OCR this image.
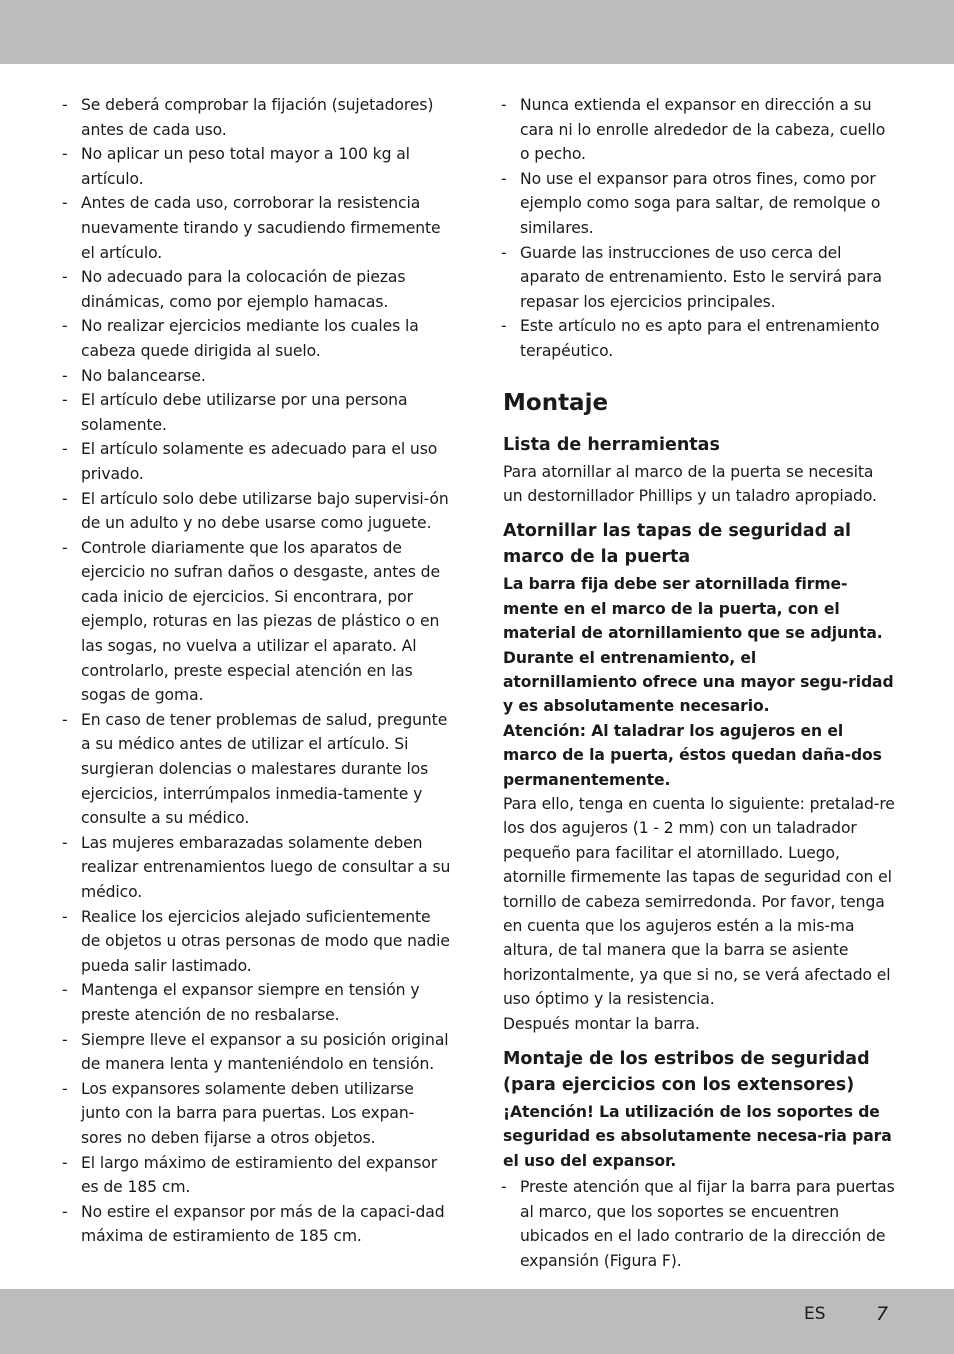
- Se deberá comprobar la fijación (sujetadores) antes de cada uso.
- No aplicar un peso total mayor a 100 kg al artículo.
- Antes de cada uso, corroborar la resistencia nuevamente tirando y sacudiendo firmemente el artículo.
- No adecuado para la colocación de piezas dinámicas, como por ejemplo hamacas.
- No realizar ejercicios mediante los cuales la cabeza quede dirigida al suelo.
- No balancearse.
- El artículo debe utilizarse por una persona solamente.
- El artículo solamente es adecuado para el uso privado.
- El artículo solo debe utilizarse bajo supervisi-ón de un adulto y no debe usarse como juguete.
- Controle diariamente que los aparatos de ejercicio no sufran daños o desgaste, antes de cada inicio de ejercicios. Si encontrara, por ejemplo, roturas en las piezas de plástico o en las sogas, no vuelva a utilizar el aparato. Al controlarlo, preste especial atención en las sogas de goma.
- En caso de tener problemas de salud, pregunte a su médico antes de utilizar el artículo. Si surgieran dolencias o malestares durante los ejercicios, interrúmpalos inmedia-tamente y consulte a su médico.
- Las mujeres embarazadas solamente deben realizar entrenamientos luego de consultar a su médico.
- Realice los ejercicios alejado suficientemente de objetos u otras personas de modo que nadie pueda salir lastimado.
- Mantenga el expansor siempre en tensión y preste atención de no resbalarse.
- Siempre lleve el expansor a su posición original de manera lenta y manteniéndolo en tensión.
- Los expansores solamente deben utilizarse junto con la barra para puertas. Los expan-sores no deben fijarse a otros objetos.
- El largo máximo de estiramiento del expansor es de 185 cm.
- No estire el expansor por más de la capaci-dad máxima de estiramiento de 185 cm.
- Nunca extienda el expansor en dirección a su cara ni lo enrolle alrededor de la cabeza, cuello o pecho.
- No use el expansor para otros fines, como por ejemplo como soga para saltar, de remolque o similares.
- Guarde las instrucciones de uso cerca del aparato de entrenamiento. Esto le servirá para repasar los ejercicios principales.
- Este artículo no es apto para el entrenamiento terapéutico.
Montaje
Lista de herramientas

Para atornillar al marco de la puerta se necesita un destornillador Phillips y un taladro apropiado.

Atornillar las tapas de seguridad al marco de la puerta

La barra fija debe ser atornillada firme-mente en el marco de la puerta, con el material de atornillamiento que se adjunta. Durante el entrenamiento, el atornillamiento ofrece una mayor segu-ridad y es absolutamente necesario.

Atención: Al taladrar los agujeros en el marco de la puerta, éstos quedan daña-dos permanentemente.

Para ello, tenga en cuenta lo siguiente: pretalad-re los dos agujeros (1 - 2 mm) con un taladrador pequeño para facilitar el atornillado. Luego, atornille firmemente las tapas de seguridad con el tornillo de cabeza semirredonda. Por favor, tenga en cuenta que los agujeros estén a la mis-ma altura, de tal manera que la barra se asiente horizontalmente, ya que si no, se verá afectado el uso óptimo y la resistencia.

Después montar la barra.

Montaje de los estribos de seguridad (para ejercicios con los extensores)

¡Atención! La utilización de los soportes de seguridad es absolutamente necesa-ria para el uso del expansor.

- Preste atención que al fijar la barra para puertas al marco, que los soportes se encuentren ubicados en el lado contrario de la dirección de expansión (Figura F).
ES	7
